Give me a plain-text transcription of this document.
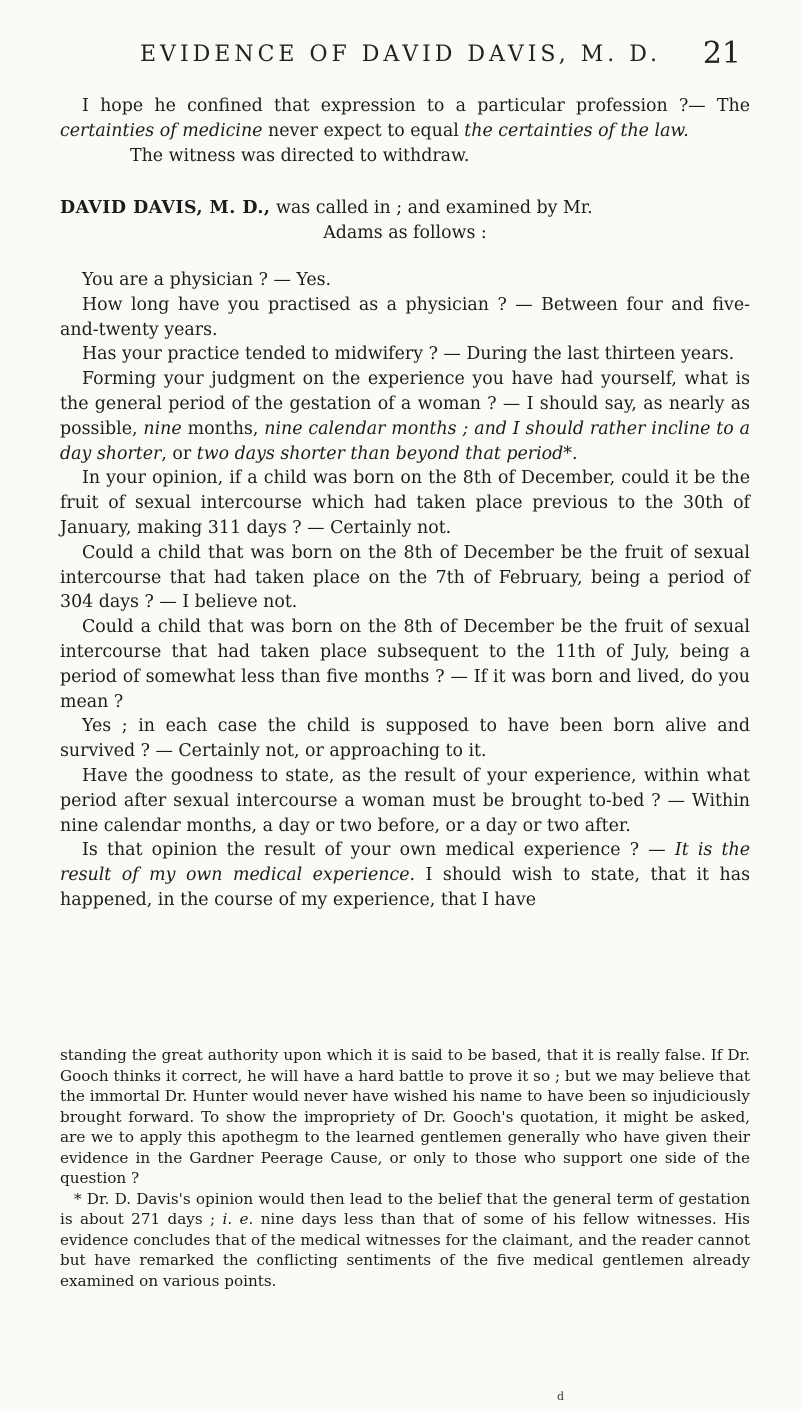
EVIDENCE OF DAVID DAVIS, M. D. 21

I hope he confined that expression to a particular profession ?— The certainties of medicine never expect to equal the certainties of the law.

The witness was directed to withdraw.

DAVID DAVIS, M. D., was called in ; and examined by Mr.
Adams as follows :

You are a physician ? — Yes.

How long have you practised as a physician ? — Between four and five-and-twenty years.

Has your practice tended to midwifery ? — During the last thirteen years.

Forming your judgment on the experience you have had yourself, what is the general period of the gestation of a woman ? — I should say, as nearly as possible, nine months, nine calendar months ; and I should rather incline to a day shorter, or two days shorter than beyond that period*.

In your opinion, if a child was born on the 8th of December, could it be the fruit of sexual intercourse which had taken place previous to the 30th of January, making 311 days ? — Certainly not.

Could a child that was born on the 8th of December be the fruit of sexual intercourse that had taken place on the 7th of February, being a period of 304 days ? — I believe not.

Could a child that was born on the 8th of December be the fruit of sexual intercourse that had taken place subsequent to the 11th of July, being a period of somewhat less than five months ? — If it was born and lived, do you mean ?

Yes ; in each case the child is supposed to have been born alive and survived ? — Certainly not, or approaching to it.

Have the goodness to state, as the result of your experience, within what period after sexual intercourse a woman must be brought to-bed ? — Within nine calendar months, a day or two before, or a day or two after.

Is that opinion the result of your own medical experience ? — It is the result of my own medical experience. I should wish to state, that it has happened, in the course of my experience, that I have

standing the great authority upon which it is said to be based, that it is really false. If Dr. Gooch thinks it correct, he will have a hard battle to prove it so ; but we may believe that the immortal Dr. Hunter would never have wished his name to have been so injudiciously brought forward. To show the impropriety of Dr. Gooch's quotation, it might be asked, are we to apply this apothegm to the learned gentlemen generally who have given their evidence in the Gardner Peerage Cause, or only to those who support one side of the question ?

* Dr. D. Davis's opinion would then lead to the belief that the general term of gestation is about 271 days ; i. e. nine days less than that of some of his fellow witnesses. His evidence concludes that of the medical witnesses for the claimant, and the reader cannot but have remarked the conflicting sentiments of the five medical gentlemen already examined on various points.

d
